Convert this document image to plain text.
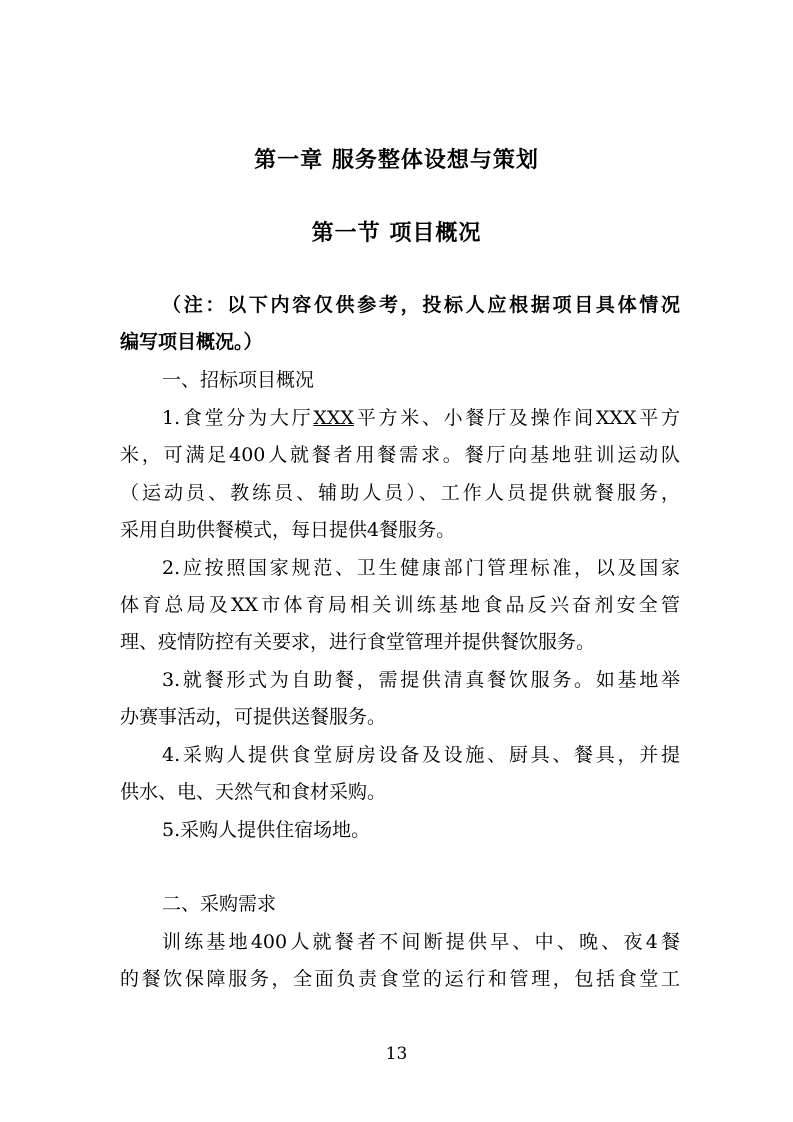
第一章 服务整体设想与策划
第一节 项目概况
（注：以下内容仅供参考，投标人应根据项目具体情况
编写项目概况。）
一、招标项目概况
1.食堂分为大厅XXX平方米、小餐厅及操作间XXX平方
米，可满足400人就餐者用餐需求。餐厅向基地驻训运动队
（运动员、教练员、辅助人员）、工作人员提供就餐服务，
采用自助供餐模式，每日提供4餐服务。
2.应按照国家规范、卫生健康部门管理标准，以及国家
体育总局及XX市体育局相关训练基地食品反兴奋剂安全管
理、疫情防控有关要求，进行食堂管理并提供餐饮服务。
3.就餐形式为自助餐，需提供清真餐饮服务。如基地举
办赛事活动，可提供送餐服务。
4.采购人提供食堂厨房设备及设施、厨具、餐具，并提
供水、电、天然气和食材采购。
5.采购人提供住宿场地。
二、采购需求
训练基地400人就餐者不间断提供早、中、晚、夜4餐
的餐饮保障服务，全面负责食堂的运行和管理，包括食堂工
13
